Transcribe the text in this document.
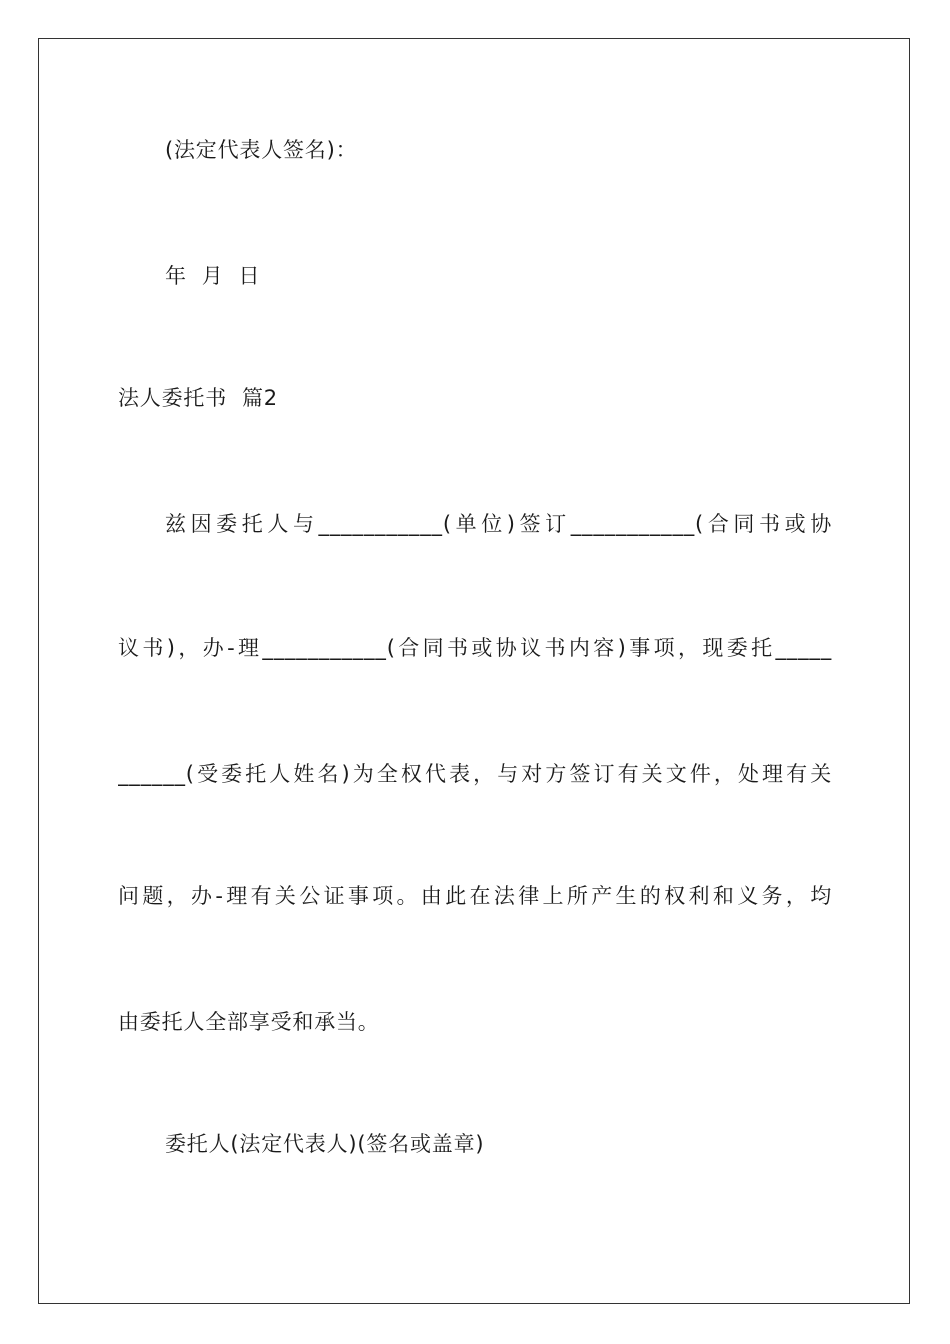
(法定代表人签名)：
年  月  日
法人委托书  篇2
兹因委托人与___________(单位)签订___________(合同书或协
议书)，办-理___________(合同书或协议书内容)事项，现委托_____
______(受委托人姓名)为全权代表，与对方签订有关文件，处理有关
问题，办-理有关公证事项。由此在法律上所产生的权利和义务，均
由委托人全部享受和承当。
委托人(法定代表人)(签名或盖章)
